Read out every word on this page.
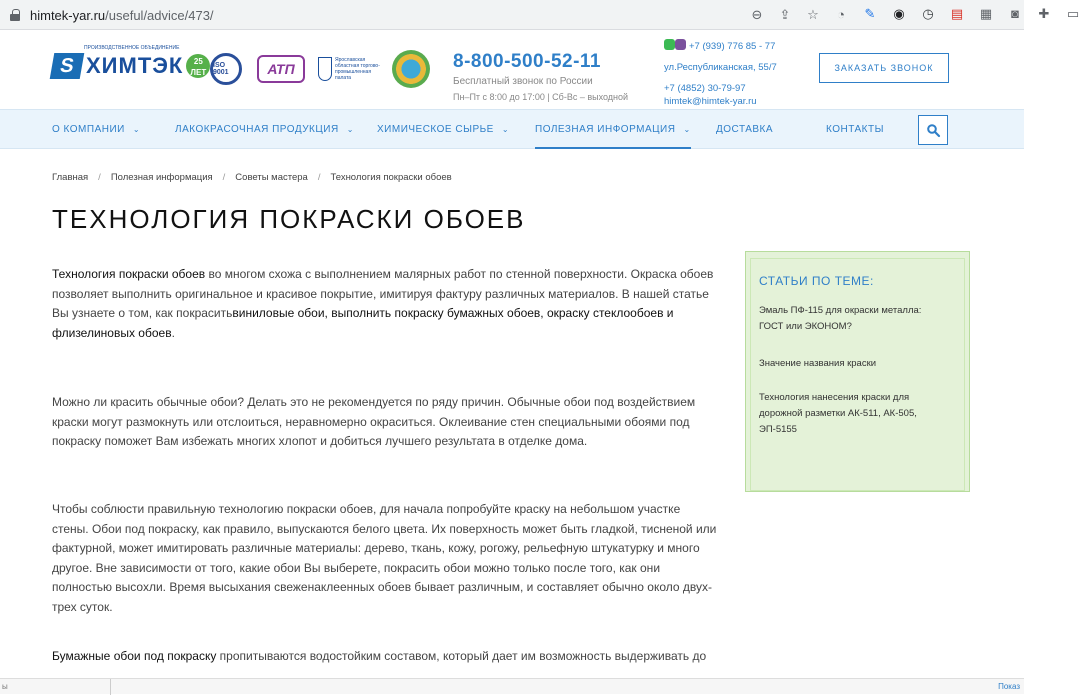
himtek-yar.ru/useful/advice/473/	⊖ ⇪ ☆ ◔ ✎ ◉ ◷ ▤ ▦	◙	✚ ▭
ПРОИЗВОДСТВЕННОЕ ОБЪЕДИНЕНИЕ
S ХИМТЭК	25 ЛЕТ
ISO 9001	АТП
Ярославская областная торгово-промышленная палата
8-800-500-52-11
Бесплатный звонок по России
Пн–Пт с 8:00 до 17:00 | Сб-Вс – выходной
+7 (939) 776 85 - 77
ул.Республиканская, 55/7
+7 (4852) 30-79-97
himtek@himtek-yar.ru
ЗАКАЗАТЬ ЗВОНОК
О КОМПАНИИ ⌄	ЛАКОКРАСОЧНАЯ ПРОДУКЦИЯ ⌄ ХИМИЧЕСКОЕ СЫРЬЕ ⌄	ПОЛЕЗНАЯ ИНФОРМАЦИЯ ⌄	ДОСТАВКА	КОНТАКТЫ
Главная / Полезная информация / Советы мастера / Технология покраски обоев
ТЕХНОЛОГИЯ ПОКРАСКИ ОБОЕВ
Технология покраски обоев во многом схожа с выполнением малярных работ по стенной поверхности. Окраска обоев позволяет выполнить оригинальное и красивое покрытие, имитируя фактуру различных материалов. В нашей статье Вы узнаете о том, как покраситьвиниловые обои, выполнить покраску бумажных обоев, окраску стеклообоев и флизелиновых обоев.
Можно ли красить обычные обои? Делать это не рекомендуется по ряду причин. Обычные обои под воздействием краски могут размокнуть или отслоиться, неравномерно окраситься. Оклеивание стен специальными обоями под покраску поможет Вам избежать многих хлопот и добиться лучшего результата в отделке дома.
Чтобы соблюсти правильную технологию покраски обоев, для начала попробуйте краску на небольшом участке стены. Обои под покраску, как правило, выпускаются белого цвета. Их поверхность может быть гладкой, тисненой или фактурной, может имитировать различные материалы: дерево, ткань, кожу, рогожу, рельефную штукатурку и много другое. Вне зависимости от того, какие обои Вы выберете, покрасить обои можно только после того, как они полностью высохли. Время высыхания свеженаклеенных обоев бывает различным, и составляет обычно около двух-трех суток.
Бумажные обои под покраску пропитываются водостойким составом, который дает им возможность выдерживать до
СТАТЬИ ПО ТЕМЕ:
Эмаль ПФ-115 для окраски металла: ГОСТ или ЭКОНОМ?
Значение названия краски
Технология нанесения краски для дорожной разметки АК-511, АК-505, ЭП-5155
ы	Показ
